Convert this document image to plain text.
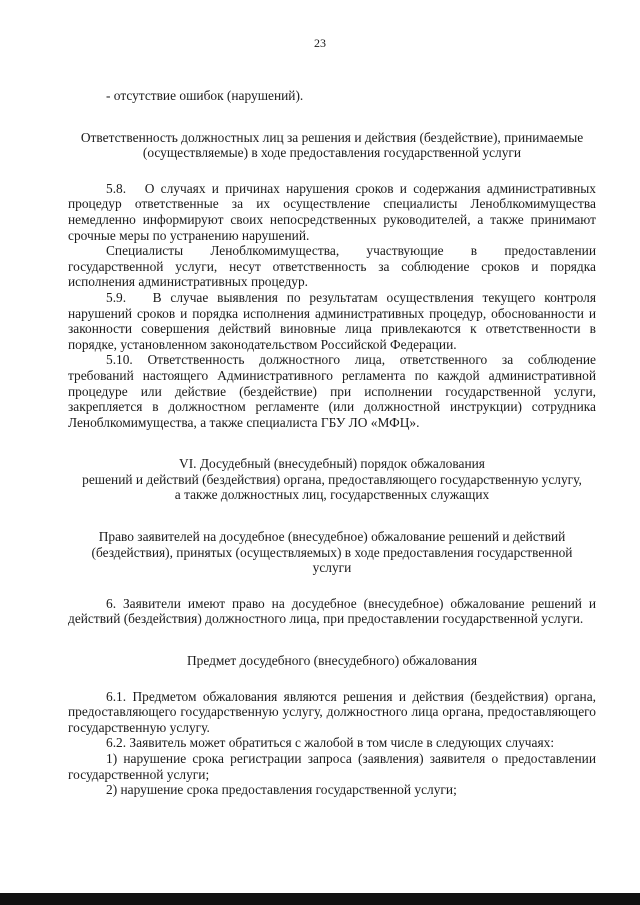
23

- отсутствие ошибок (нарушений).

Ответственность должностных лиц за решения и действия (бездействие), принимаемые (осуществляемые) в ходе предоставления государственной услуги

5.8.   О случаях и причинах нарушения сроков и содержания административных процедур ответственные за их осуществление специалисты Леноблкомимущества немедленно информируют своих непосредственных руководителей, а также принимают срочные меры по устранению нарушений.

Специалисты Леноблкомимущества, участвующие в предоставлении государственной услуги, несут ответственность за соблюдение сроков и порядка исполнения административных процедур.

5.9.   В случае выявления по результатам осуществления текущего контроля нарушений сроков и порядка исполнения административных процедур, обоснованности и законности совершения действий виновные лица привлекаются к ответственности в порядке, установленном законодательством Российской Федерации.

5.10. Ответственность должностного лица, ответственного за соблюдение требований настоящего Административного регламента по каждой административной процедуре или действие (бездействие) при исполнении государственной услуги, закрепляется в должностном регламенте (или должностной инструкции) сотрудника Леноблкомимущества, а также специалиста ГБУ ЛО «МФЦ».

VI. Досудебный (внесудебный) порядок обжалования

решений и действий (бездействия) органа, предоставляющего государственную услугу,

а также должностных лиц, государственных служащих

Право заявителей на досудебное (внесудебное) обжалование решений и действий (бездействия), принятых (осуществляемых) в ходе предоставления государственной услуги

6. Заявители имеют право на досудебное (внесудебное) обжалование решений и действий (бездействия) должностного лица, при предоставлении государственной услуги.

Предмет досудебного (внесудебного) обжалования

6.1. Предметом обжалования являются решения и действия (бездействия) органа, предоставляющего государственную услугу, должностного лица органа, предоставляющего государственную услугу.

6.2. Заявитель может обратиться с жалобой в том числе в следующих случаях:

1) нарушение срока регистрации запроса (заявления) заявителя о предоставлении государственной услуги;

2) нарушение срока предоставления государственной услуги;
